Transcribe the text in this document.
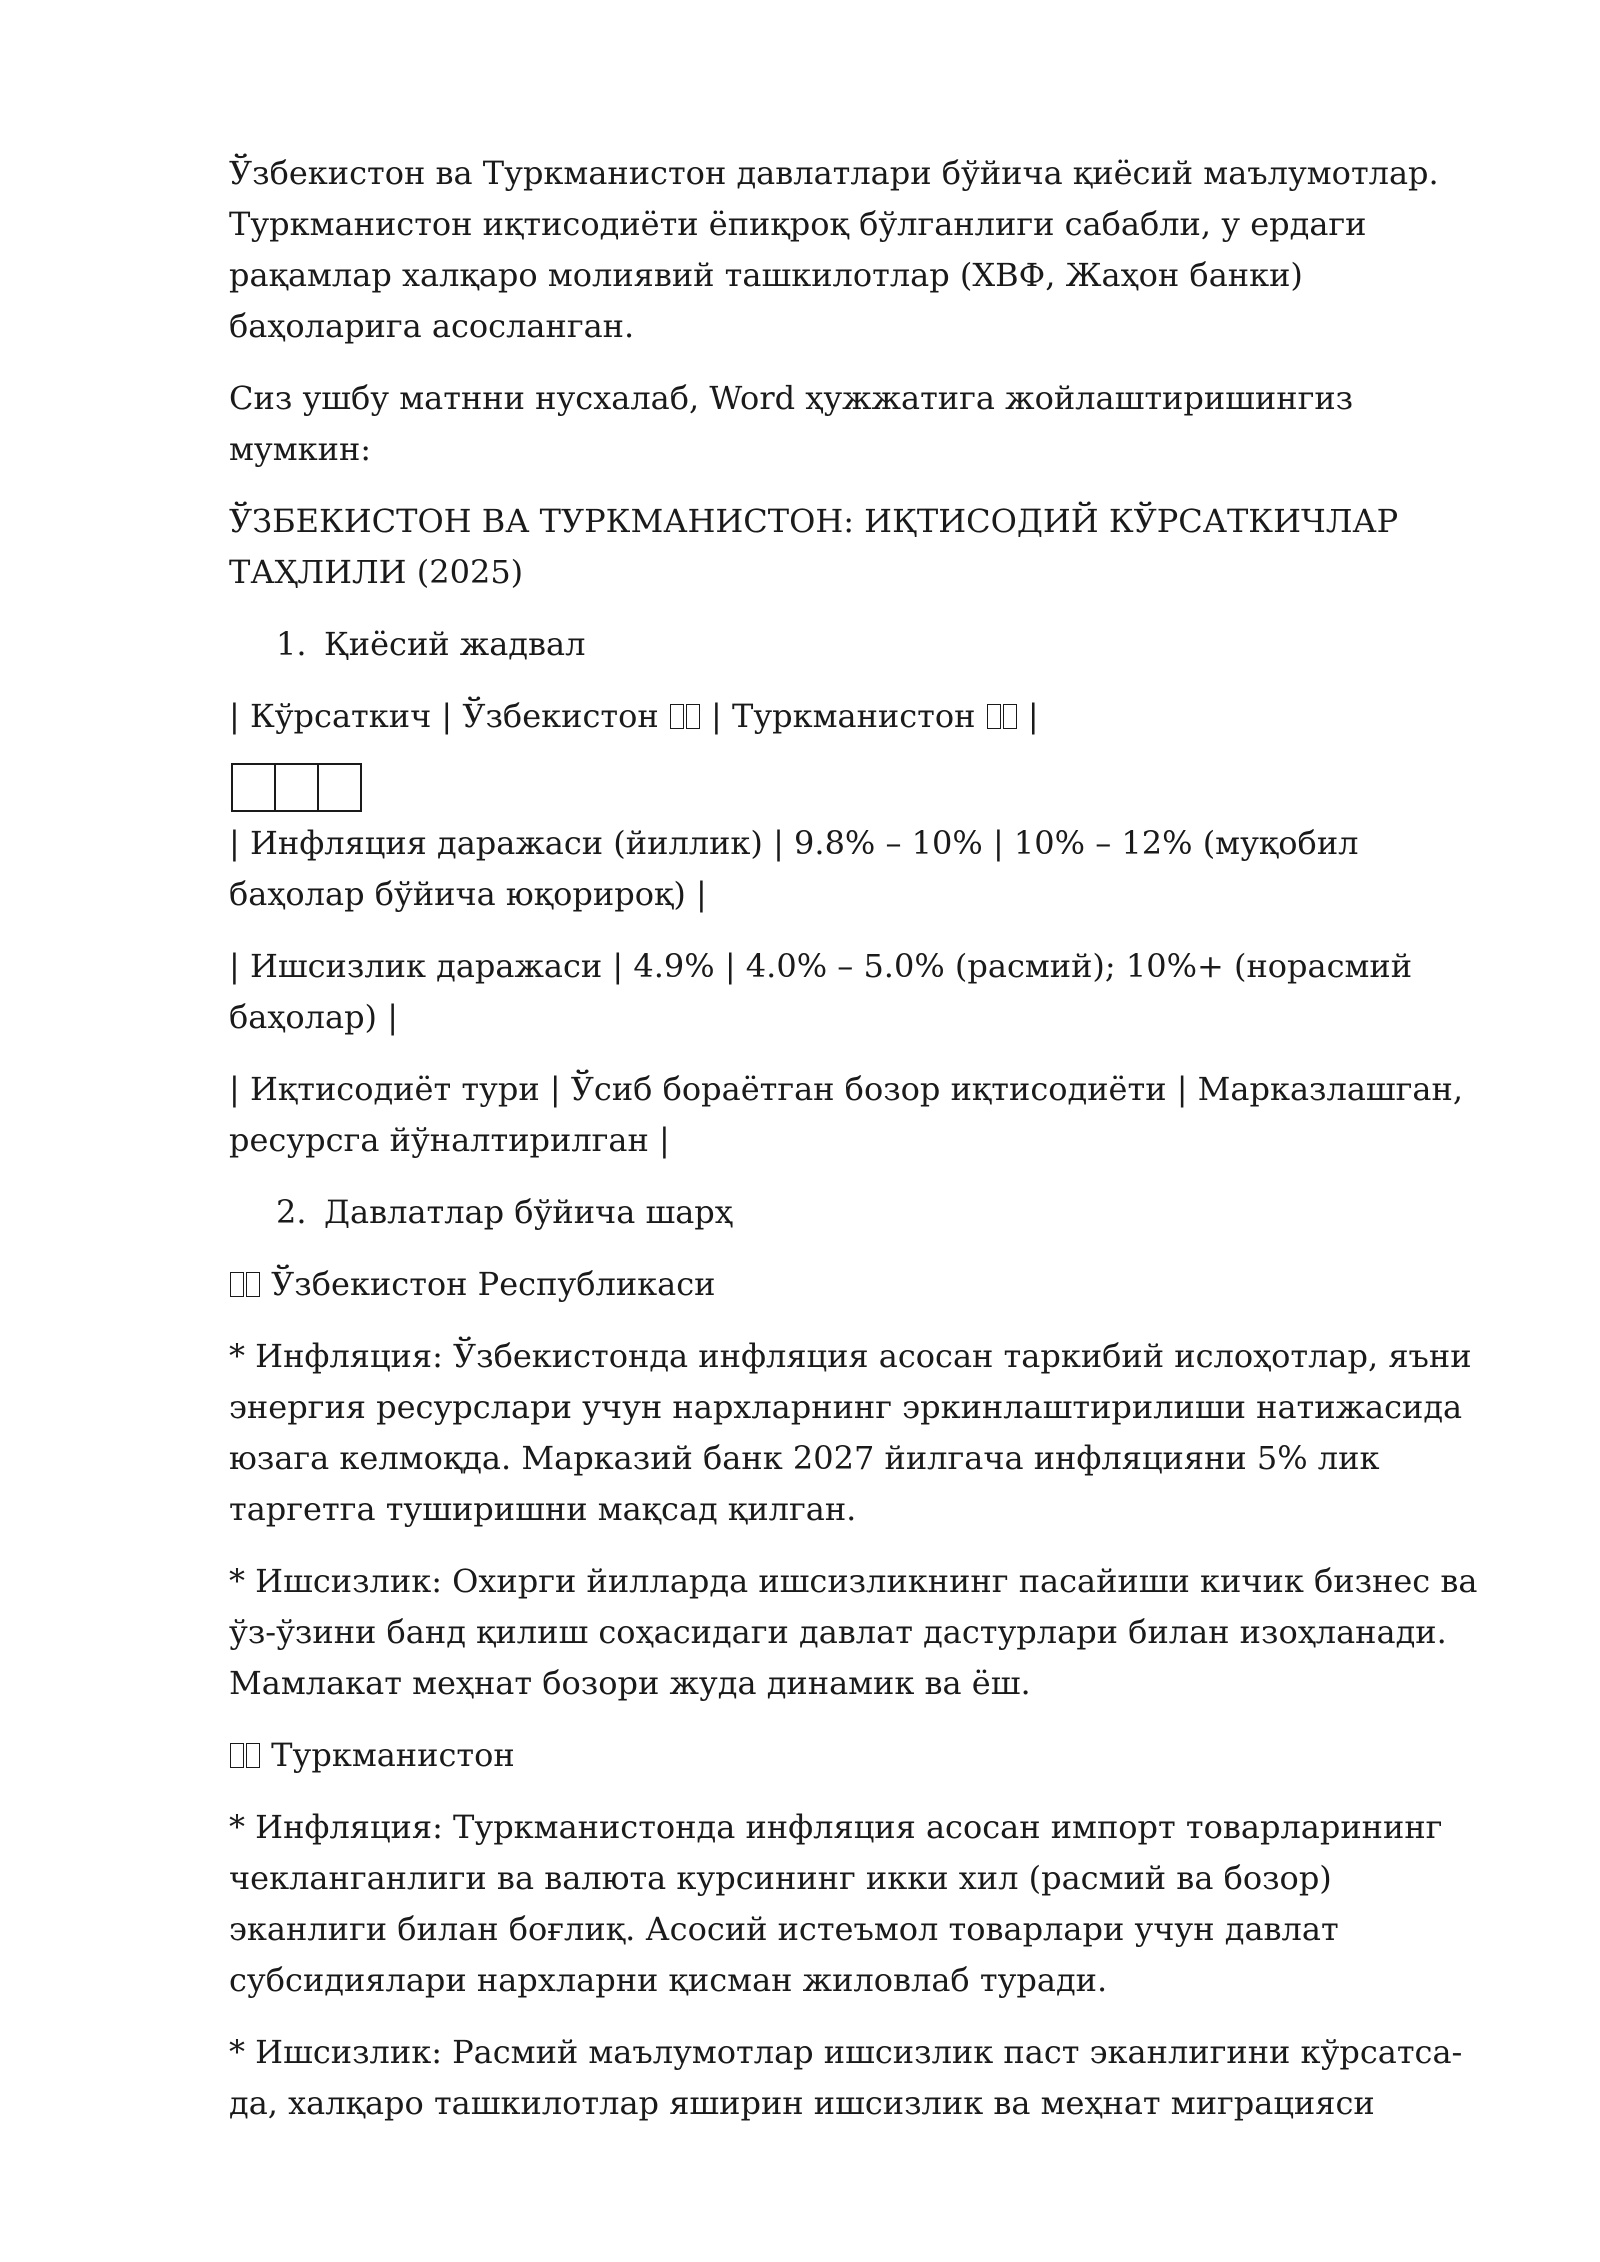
Ўзбекистон ва Туркманистон давлатлари бўйича қиёсий маълумотлар. Туркманистон иқтисодиёти ёпиқроқ бўлганлиги сабабли, у ердаги рақамлар халқаро молиявий ташкилотлар (ХВФ, Жаҳон банки) баҳоларига асосланган.

Сиз ушбу матнни нусхалаб, Word ҳужжатига жойлаштиришингиз мумкин:

ЎЗБЕКИСТОН ВА ТУРКМАНИСТОН: ИҚТИСОДИЙ КЎРСАТКИЧЛАР ТАҲЛИЛИ (2025)

1. Қиёсий жадвал

| Кўрсаткич | Ўзбекистон  | Туркманистон  |

| Инфляция даражаси (йиллик) | 9.8% – 10% | 10% – 12% (муқобил баҳолар бўйича юқорироқ) |

| Ишсизлик даражаси | 4.9% | 4.0% – 5.0% (расмий); 10%+ (норасмий баҳолар) |

| Иқтисодиёт тури | Ўсиб бораётган бозор иқтисодиёти | Марказлашган, ресурсга йўналтирилган |

2. Давлатлар бўйича шарҳ

Ўзбекистон Республикаси

* Инфляция: Ўзбекистонда инфляция асосан таркибий ислоҳотлар, яъни энергия ресурслари учун нархларнинг эркинлаштирилиши натижасида юзага келмоқда. Марказий банк 2027 йилгача инфляцияни 5% лик таргетга туширишни мақсад қилган.

* Ишсизлик: Охирги йилларда ишсизликнинг пасайиши кичик бизнес ва ўз-ўзини банд қилиш соҳасидаги давлат дастурлари билан изоҳланади. Мамлакат меҳнат бозори жуда динамик ва ёш.

Туркманистон

* Инфляция: Туркманистонда инфляция асосан импорт товарларининг чекланганлиги ва валюта курсининг икки хил (расмий ва бозор) эканлиги билан боғлиқ. Асосий истеъмол товарлари учун давлат субсидиялари нархларни қисман жиловлаб туради.

* Ишсизлик: Расмий маълумотлар ишсизлик паст эканлигини кўрсатса-да, халқаро ташкилотлар яширин ишсизлик ва меҳнат миграцияси
